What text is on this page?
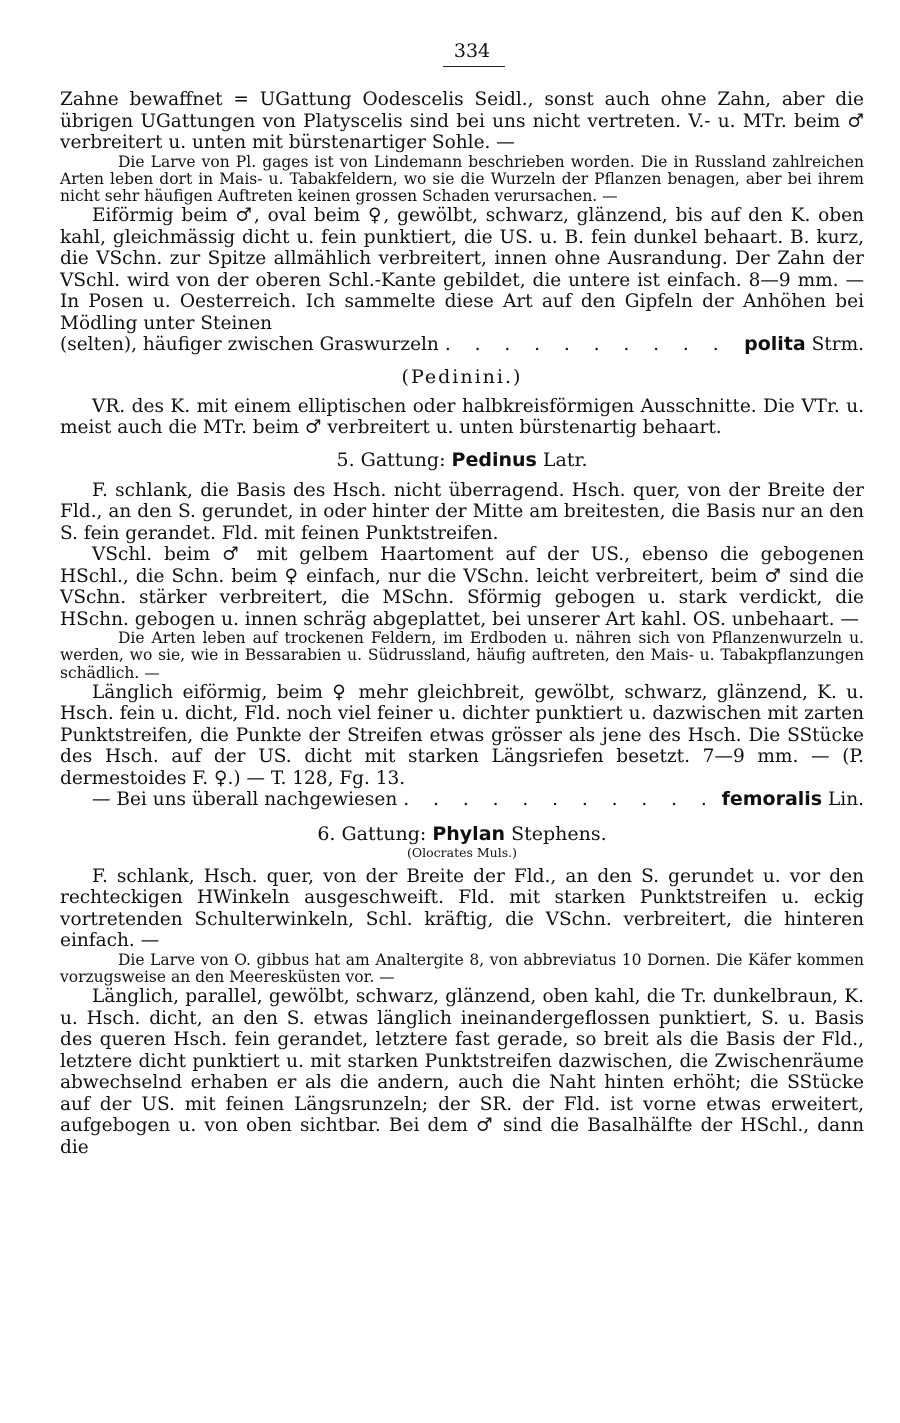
334

Zahne bewaffnet = UGattung Oodescelis Seidl., sonst auch ohne Zahn, aber die übrigen UGattungen von Platyscelis sind bei uns nicht vertreten. V.- u. MTr. beim ♂ verbreitert u. unten mit bürstenartiger Sohle. —

Die Larve von Pl. gages ist von Lindemann beschrieben worden. Die in Russland zahlreichen Arten leben dort in Mais- u. Tabakfeldern, wo sie die Wurzeln der Pflanzen benagen, aber bei ihrem nicht sehr häufigen Auftreten keinen grossen Schaden verursachen. —

Eiförmig beim ♂, oval beim ♀, gewölbt, schwarz, glänzend, bis auf den K. oben kahl, gleichmässig dicht u. fein punktiert, die US. u. B. fein dunkel behaart. B. kurz, die VSchn. zur Spitze allmählich verbreitert, innen ohne Ausrandung. Der Zahn der VSchl. wird von der oberen Schl.-Kante gebildet, die untere ist einfach. 8—9 mm. — In Posen u. Oesterreich. Ich sammelte diese Art auf den Gipfeln der Anhöhen bei Mödling unter Steinen

(selten), häufiger zwischen Graswurzeln . . .	polita
Strm.

(Pedinini.)

VR. des K. mit einem elliptischen oder halbkreisförmigen Ausschnitte. Die VTr. u. meist auch die MTr. beim ♂ verbreitert u. unten bürstenartig behaart.

5. Gattung: Pedinus Latr.

F. schlank, die Basis des Hsch. nicht überragend. Hsch. quer, von der Breite der Fld., an den S. gerundet, in oder hinter der Mitte am breitesten, die Basis nur an den S. fein gerandet. Fld. mit feinen Punktstreifen.

VSchl. beim ♂ mit gelbem Haartoment auf der US., ebenso die gebogenen HSchl., die Schn. beim ♀ einfach, nur die VSchn. leicht verbreitert, beim ♂ sind die VSchn. stärker verbreitert, die MSchn. Sförmig gebogen u. stark verdickt, die HSchn. gebogen u. innen schräg abgeplattet, bei unserer Art kahl. OS. unbehaart. —

Die Arten leben auf trockenen Feldern, im Erdboden u. nähren sich von Pflanzenwurzeln u. werden, wo sie, wie in Bessarabien u. Südrussland, häufig auftreten, den Mais- u. Tabakpflanzungen schädlich. —

Länglich eiförmig, beim ♀ mehr gleichbreit, gewölbt, schwarz, glänzend, K. u. Hsch. fein u. dicht, Fld. noch viel feiner u. dichter punktiert u. dazwischen mit zarten Punktstreifen, die Punkte der Streifen etwas grösser als jene des Hsch. Die SStücke des Hsch. auf der US. dicht mit starken Längsriefen besetzt. 7—9 mm. — (P. dermestoides F. ♀.) — T. 128, Fg. 13.

— Bei uns überall nachgewiesen . . .	femoralis
Lin.

6. Gattung: Phylan Stephens.

(Olocrates Muls.)

F. schlank, Hsch. quer, von der Breite der Fld., an den S. gerundet u. vor den rechteckigen HWinkeln ausgeschweift. Fld. mit starken Punktstreifen u. eckig vortretenden Schulterwinkeln, Schl. kräftig, die VSchn. verbreitert, die hinteren einfach. —

Die Larve von O. gibbus hat am Analtergite 8, von abbreviatus 10 Dornen. Die Käfer kommen vorzugsweise an den Meeresküsten vor. —

Länglich, parallel, gewölbt, schwarz, glänzend, oben kahl, die Tr. dunkelbraun, K. u. Hsch. dicht, an den S. etwas länglich ineinandergeflossen punktiert, S. u. Basis des queren Hsch. fein gerandet, letztere fast gerade, so breit als die Basis der Fld., letztere dicht punktiert u. mit starken Punktstreifen dazwischen, die Zwischenräume abwechselnd erhaben er als die andern, auch die Naht hinten erhöht; die SStücke auf der US. mit feinen Längsrunzeln; der SR. der Fld. ist vorne etwas erweitert, aufgebogen u. von oben sichtbar. Bei dem ♂ sind die Basalhälfte der HSchl., dann die
